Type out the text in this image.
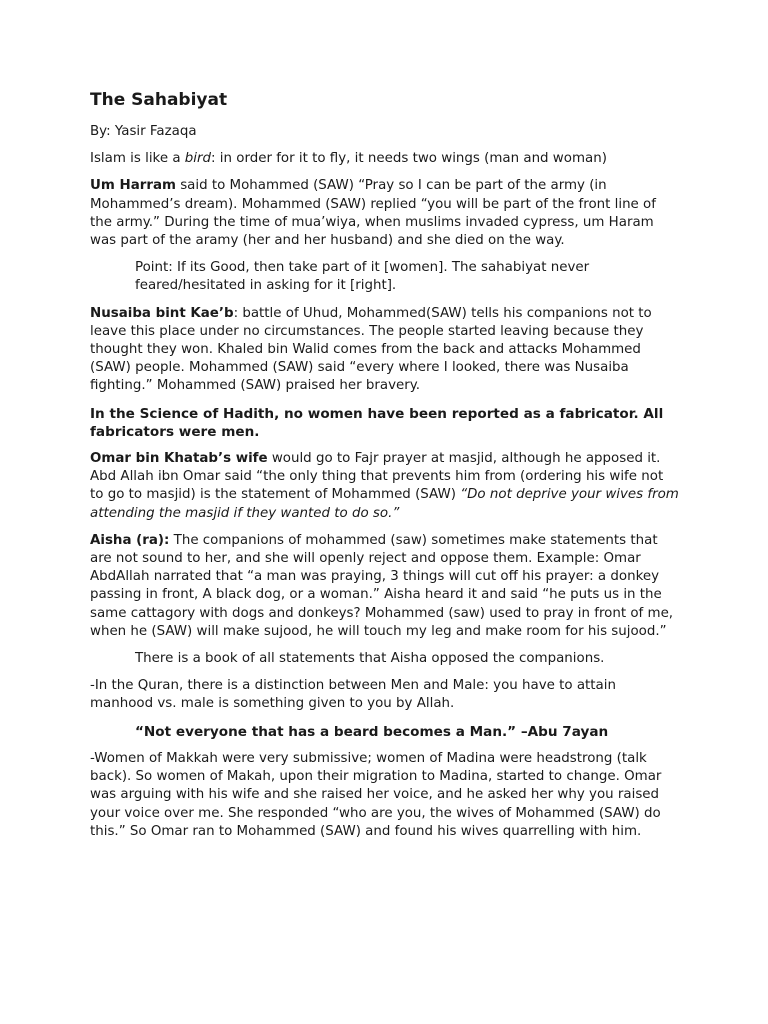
The Sahabiyat

By: Yasir Fazaqa

Islam is like a bird: in order for it to fly, it needs two wings (man and woman)

Um Harram said to Mohammed (SAW) “Pray so I can be part of the army (in Mohammed’s dream). Mohammed (SAW) replied “you will be part of the front line of the army.” During the time of mua’wiya, when muslims invaded cypress, um Haram was part of the aramy (her and her husband) and she died on the way.

Point: If its Good, then take part of it [women]. The sahabiyat never feared/hesitated in asking for it [right].

Nusaiba bint Kae’b: battle of Uhud, Mohammed(SAW) tells his companions not to leave this place under no circumstances. The people started leaving because they thought they won. Khaled bin Walid comes from the back and attacks Mohammed (SAW) people. Mohammed (SAW) said “every where I looked, there was Nusaiba fighting.” Mohammed (SAW) praised her bravery.

In the Science of Hadith, no women have been reported as a fabricator. All fabricators were men.

Omar bin Khatab’s wife would go to Fajr prayer at masjid, although he apposed it. Abd Allah ibn Omar said “the only thing that prevents him from (ordering his wife not to go to masjid) is the statement of Mohammed (SAW) “Do not deprive your wives from attending the masjid if they wanted to do so.”

Aisha (ra): The companions of mohammed (saw) sometimes make statements that are not sound to her, and she will openly reject and oppose them. Example: Omar AbdAllah narrated that “a man was praying, 3 things will cut off his prayer: a donkey passing in front, A black dog, or a woman.” Aisha heard it and said “he puts us in the same cattagory with dogs and donkeys? Mohammed (saw) used to pray in front of me, when he (SAW) will make sujood, he will touch my leg and make room for his sujood.”

There is a book of all statements that Aisha opposed the companions.

-In the Quran, there is a distinction between Men and Male: you have to attain manhood vs. male is something given to you by Allah.

“Not everyone that has a beard becomes a Man.” –Abu 7ayan

-Women of Makkah were very submissive; women of Madina were headstrong (talk back). So women of Makah, upon their migration to Madina, started to change. Omar was arguing with his wife and she raised her voice, and he asked her why you raised your voice over me. She responded “who are you, the wives of Mohammed (SAW) do this.” So Omar ran to Mohammed (SAW) and found his wives quarrelling with him.
